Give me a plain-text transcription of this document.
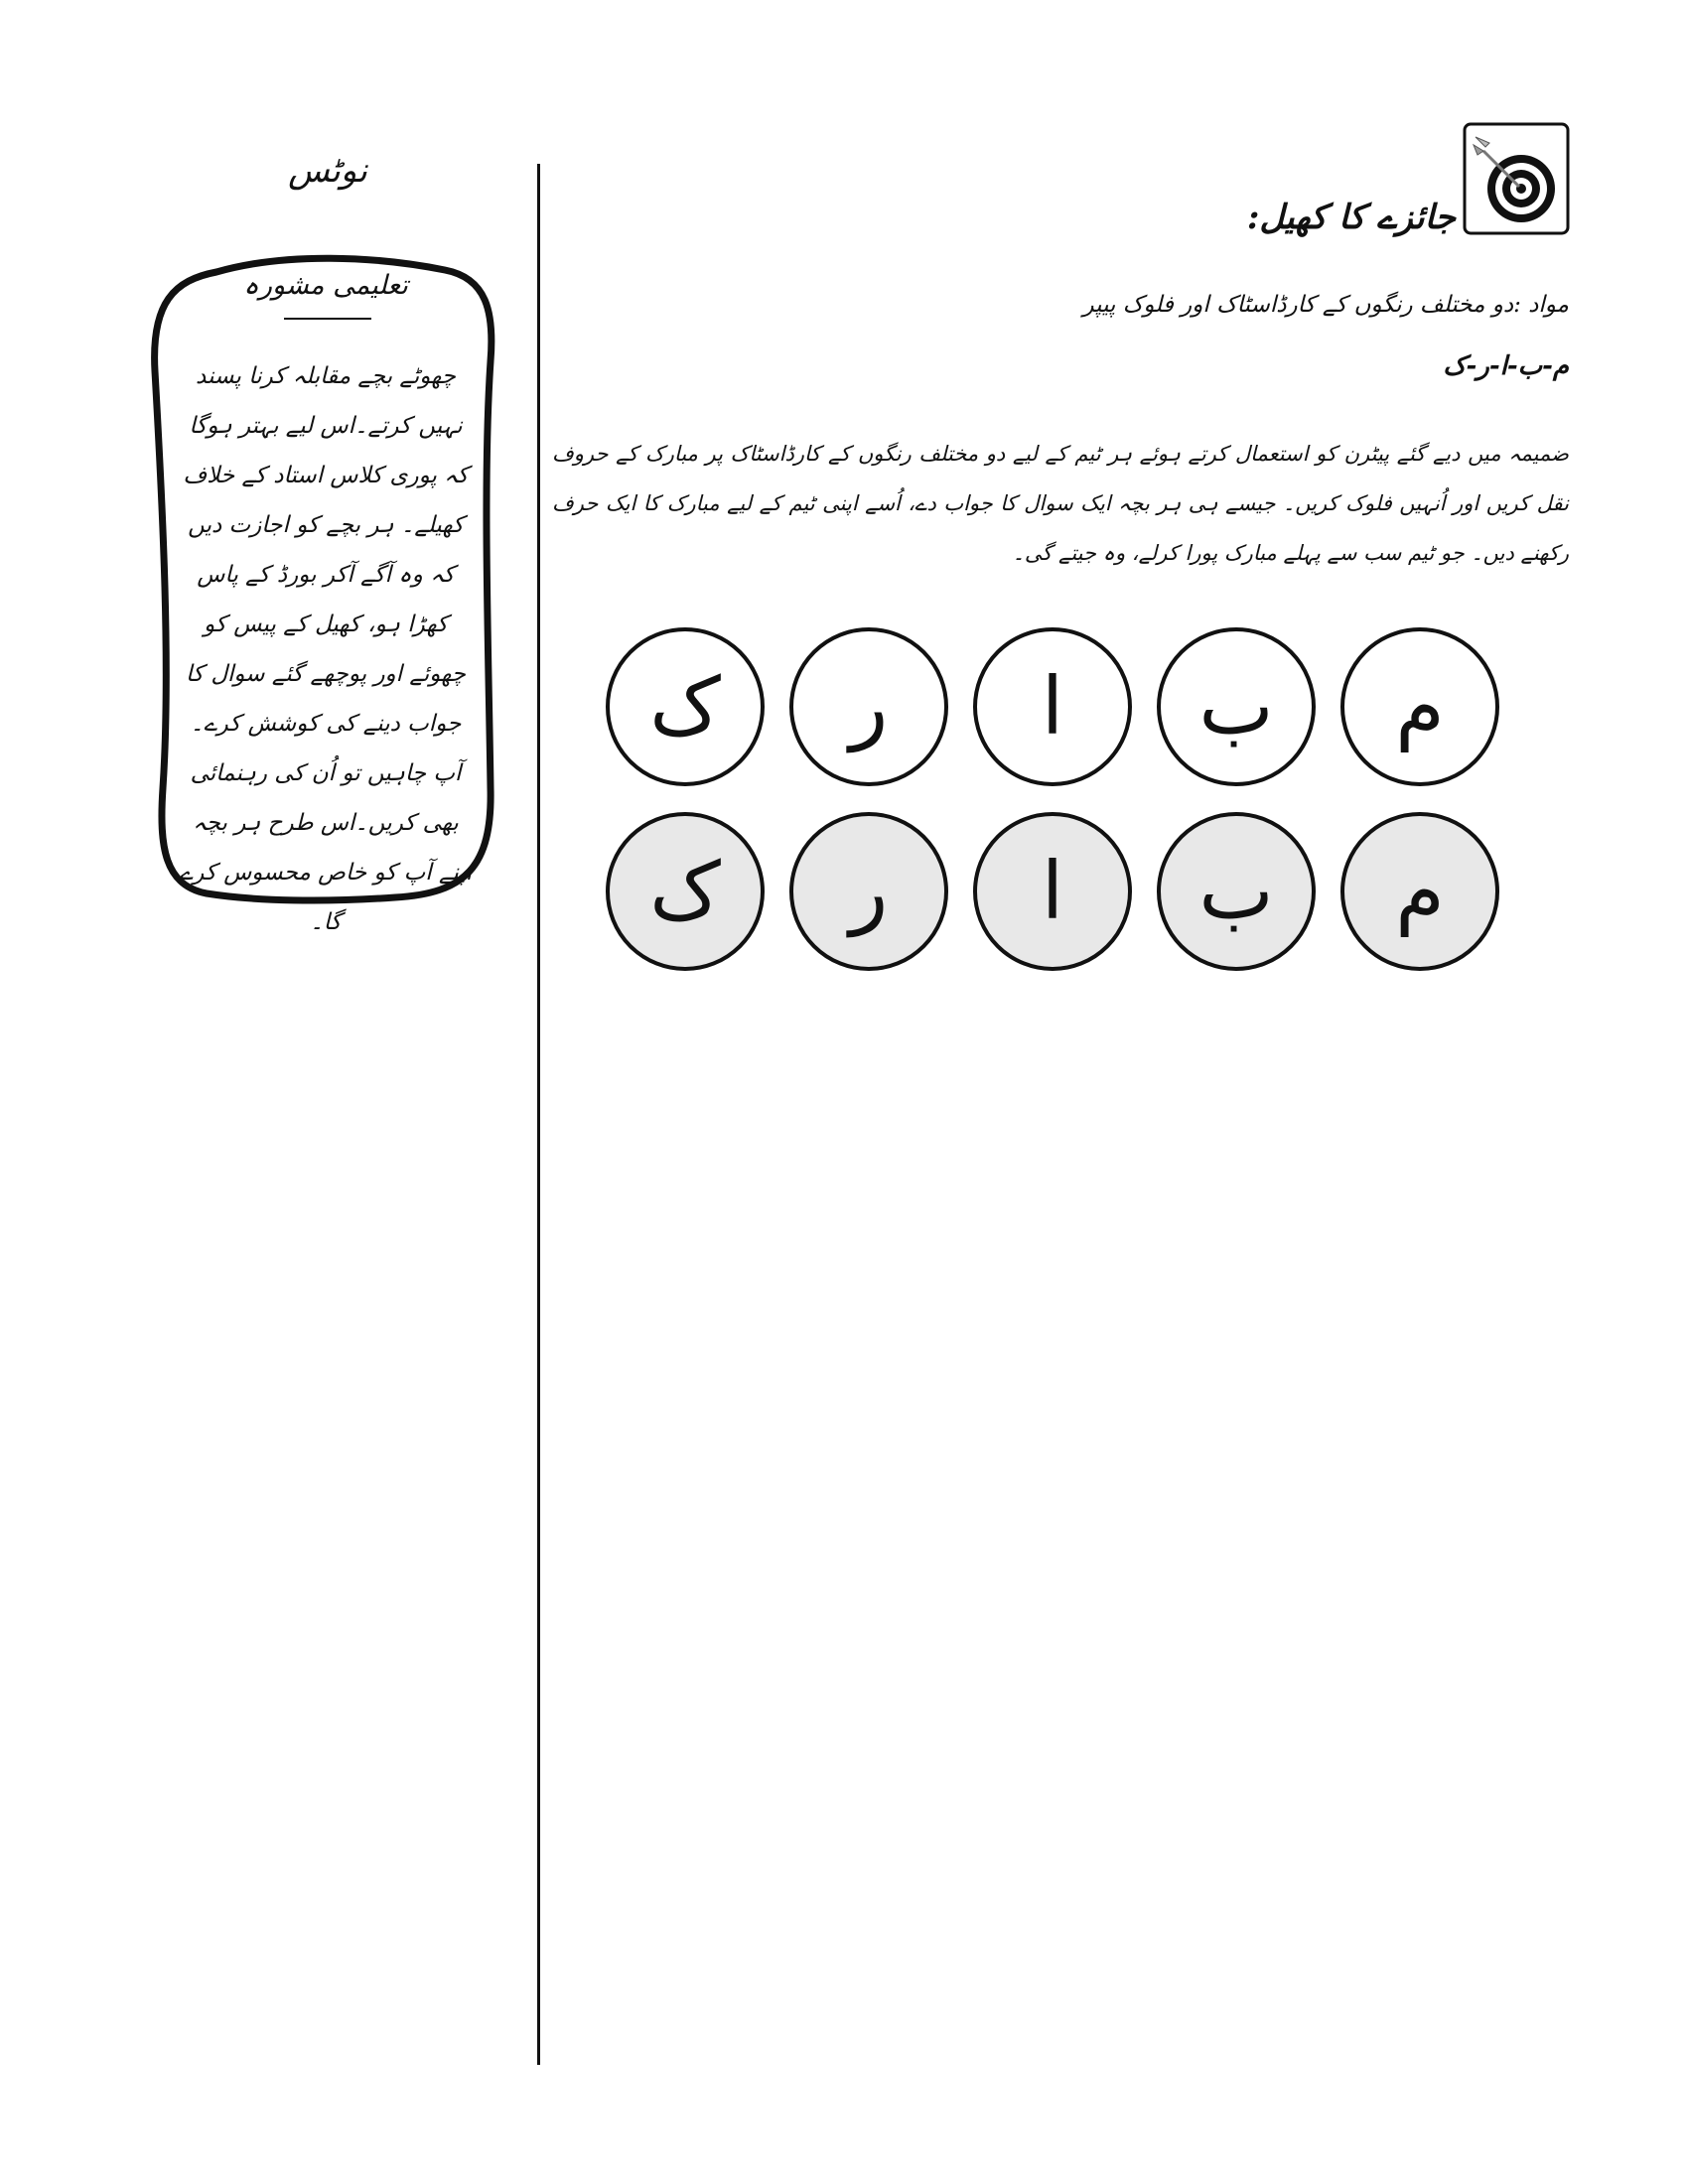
نوٹس
تعلیمی مشورہ
چھوٹے بچے مقابلہ کرنا پسند نہیں کرتے۔اس لیے بہتر ہوگا کہ پوری کلاس استاد کے خلاف کھیلے۔ ہر بچے کو اجازت دیں کہ وہ آگے آکر بورڈ کے پاس کھڑا ہو، کھیل کے پیس کو چھوئے اور پوچھے گئے سوال کا جواب دینے کی کوشش کرے۔ آپ چاہیں تو اُن کی رہنمائی بھی کریں۔اس طرح ہر بچہ اپنے آپ کو خاص محسوس کرے گا۔
جائزے کا کھیل:
مواد :دو مختلف رنگوں کے کارڈاسٹاک اور فلوک پیپر
م-ب-ا-ر-ک
ضمیمہ میں دیے گئے پیٹرن کو استعمال کرتے ہوئے ہر ٹیم کے لیے دو مختلف رنگوں کے کارڈاسٹاک پر مبارک کے حروف نقل کریں اور اُنہیں فلوک کریں۔ جیسے ہی ہر بچہ ایک سوال کا جواب دے، اُسے اپنی ٹیم کے لیے مبارک کا ایک حرف رکھنے دیں۔ جو ٹیم سب سے پہلے مبارک پورا کرلے، وہ جیتے گی۔
م
ب
ا
ر
ک
م
ب
ا
ر
ک
